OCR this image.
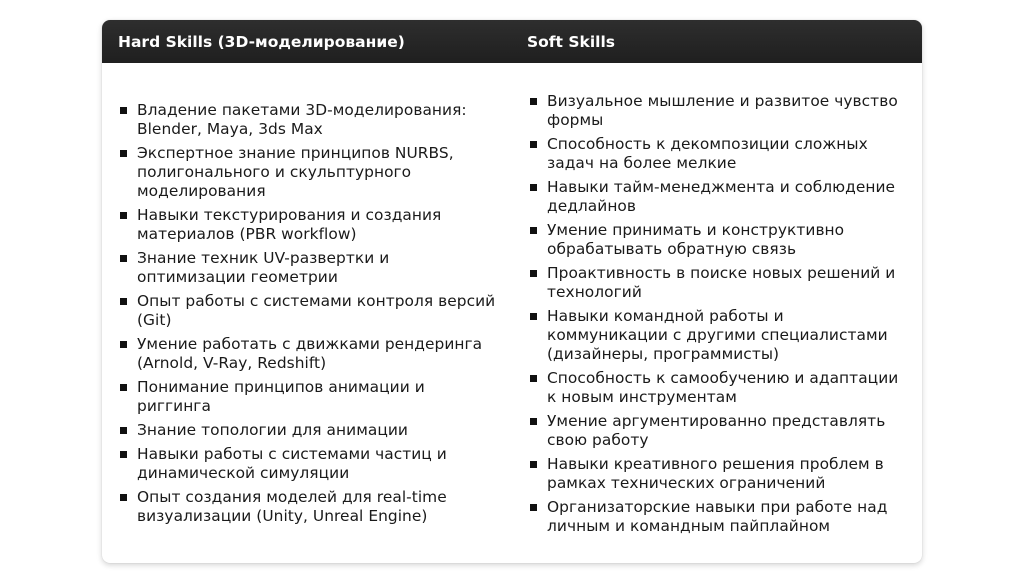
Hard Skills (3D-моделирование)	Soft Skills
Владение пакетами 3D-моделирования: Blender, Maya, 3ds Max
Экспертное знание принципов NURBS, полигонального и скульптурного моделирования
Навыки текстурирования и создания материалов (PBR workflow)
Знание техник UV-развертки и оптимизации геометрии
Опыт работы с системами контроля версий (Git)
Умение работать с движками рендеринга (Arnold, V-Ray, Redshift)
Понимание принципов анимации и риггинга
Знание топологии для анимации
Навыки работы с системами частиц и динамической симуляции
Опыт создания моделей для real-time визуализации (Unity, Unreal Engine)
Визуальное мышление и развитое чувство формы
Способность к декомпозиции сложных задач на более мелкие
Навыки тайм-менеджмента и соблюдение дедлайнов
Умение принимать и конструктивно обрабатывать обратную связь
Проактивность в поиске новых решений и технологий
Навыки командной работы и коммуникации с другими специалистами (дизайнеры, программисты)
Способность к самообучению и адаптации к новым инструментам
Умение аргументированно представлять свою работу
Навыки креативного решения проблем в рамках технических ограничений
Организаторские навыки при работе над личным и командным пайплайном
